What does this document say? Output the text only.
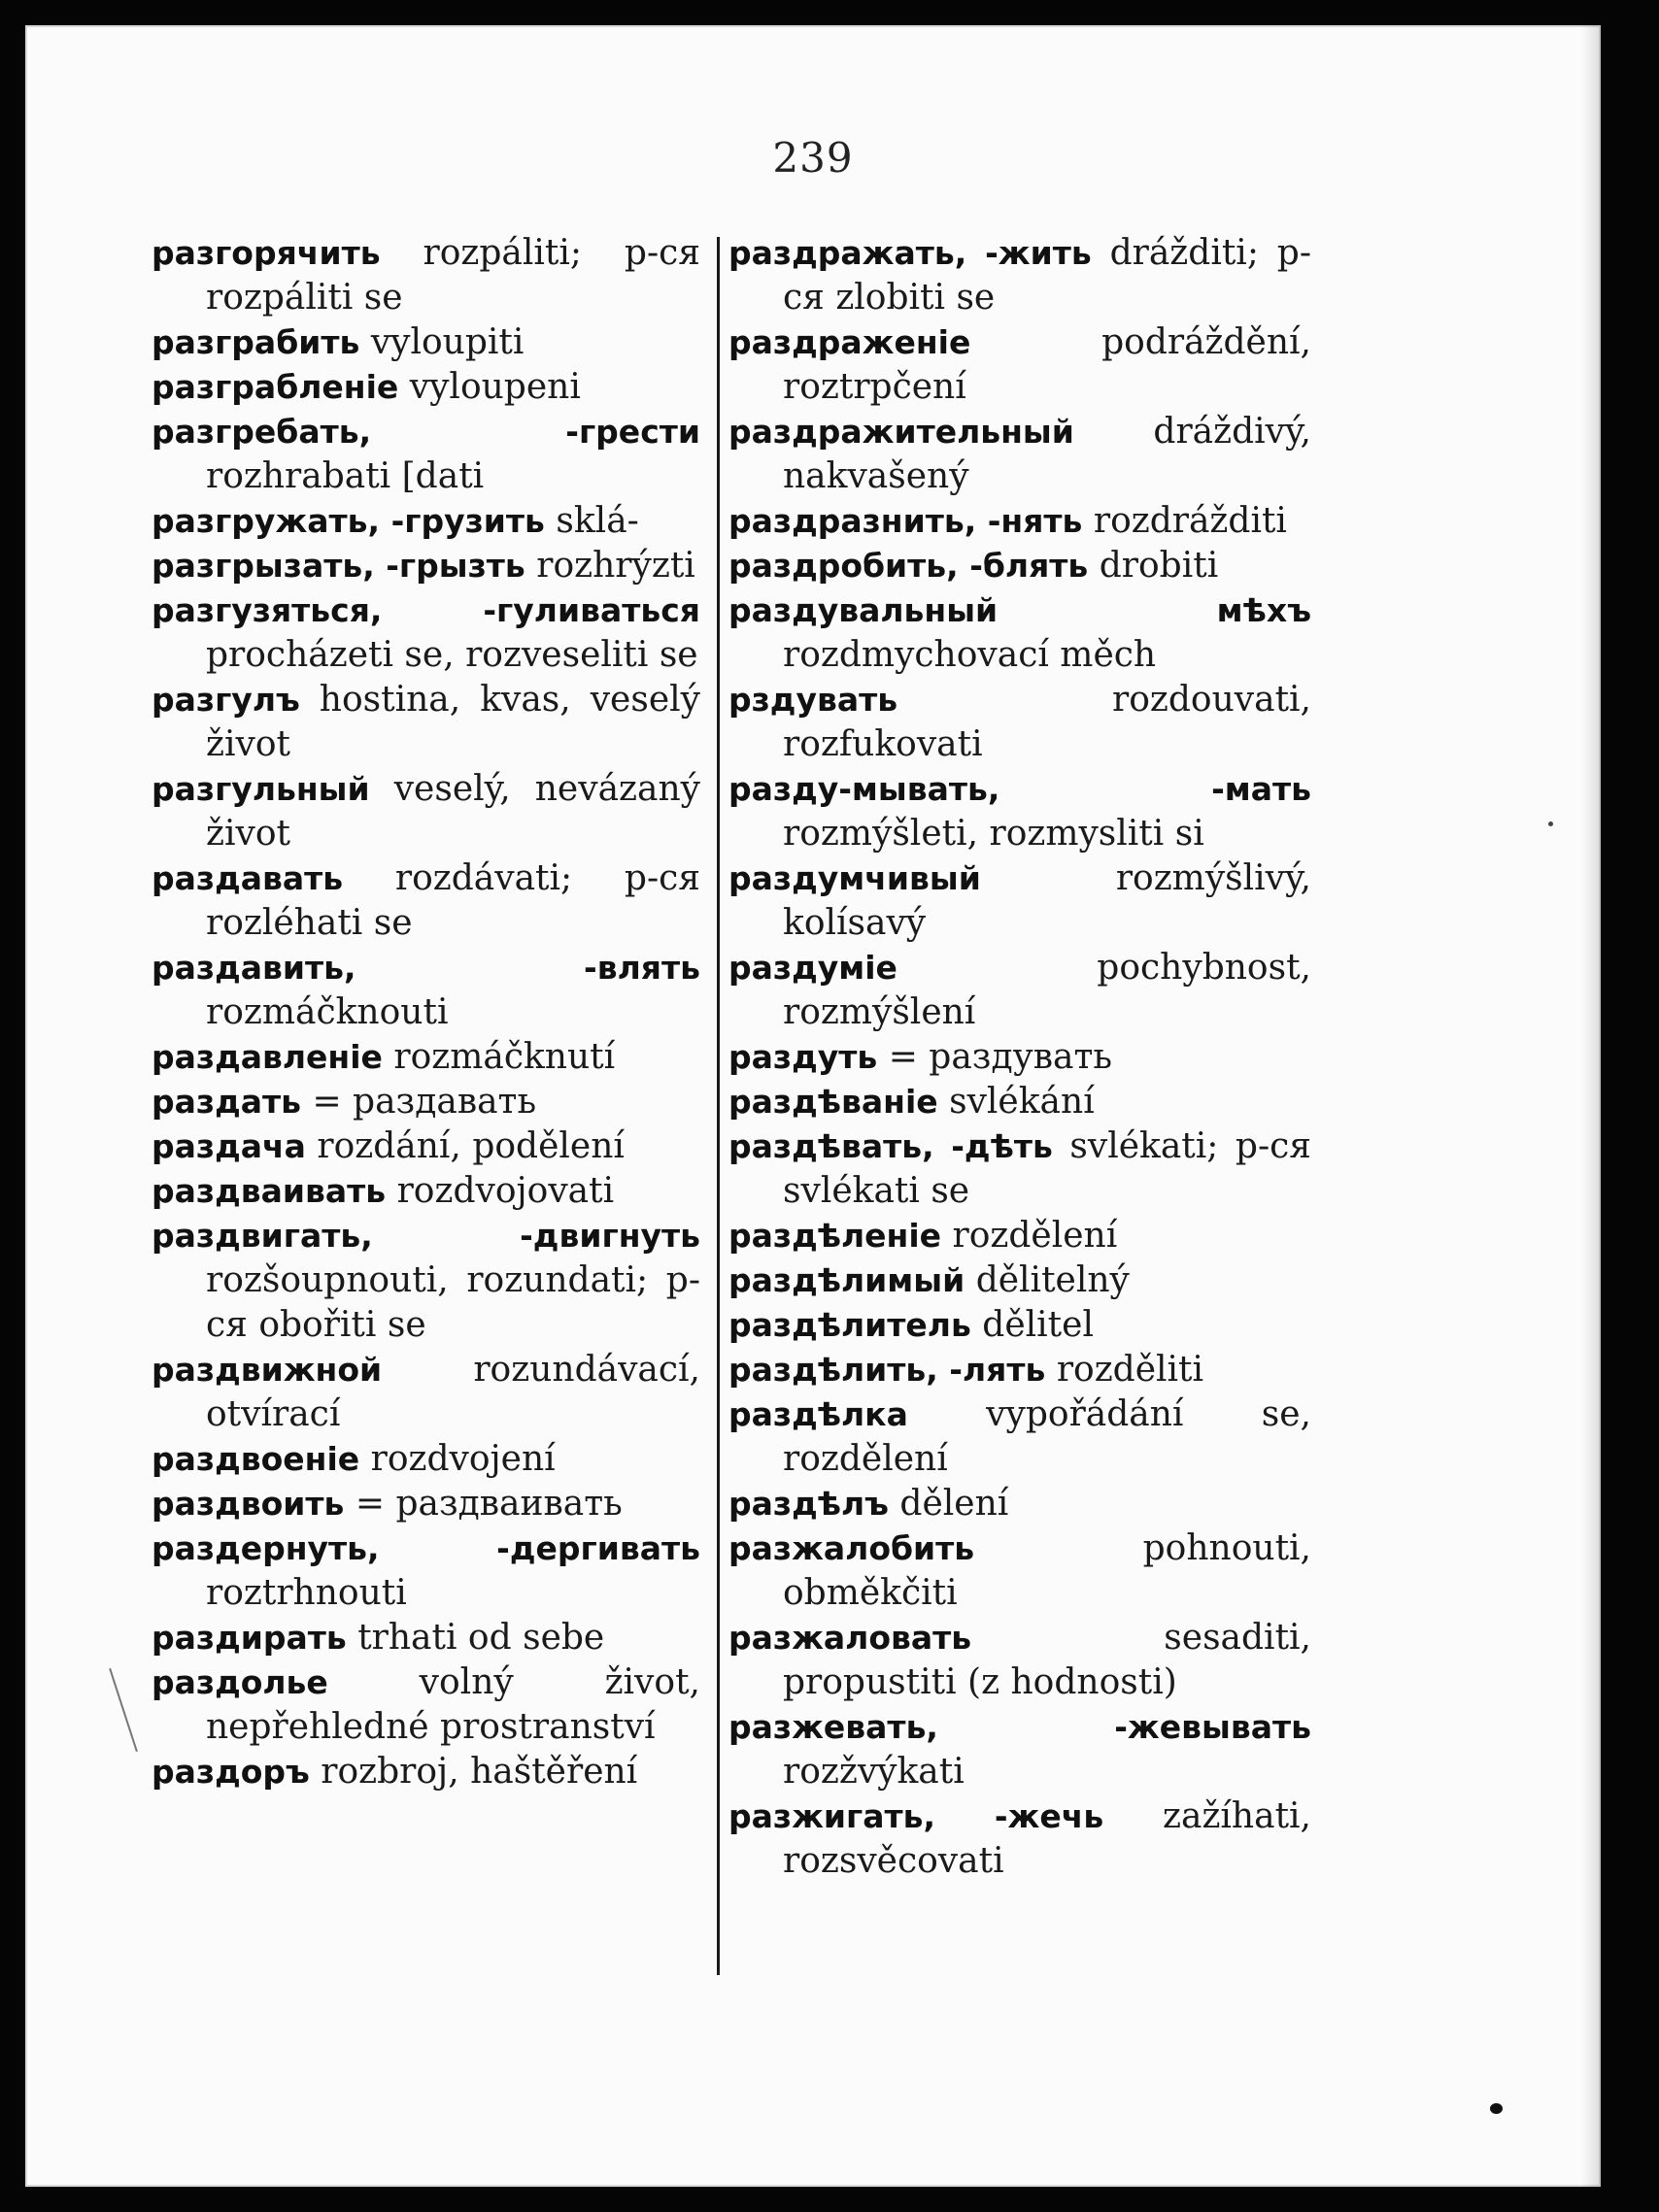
239
разгорячить rozpáliti; р-ся rozpáliti se
разграбить vyloupiti
разграбленіе vyloupeni
разгребать, -грести rozhrabati [dati
разгружать, -грузить sklá-
разгрызать, -грызть rozhrýzti
разгузяться, -гуливаться procházeti se, rozveseliti se
разгулъ hostina, kvas, veselý život
разгульный veselý, nevázaný život
раздавать rozdávati; р-ся rozléhati se
раздавить, -влять rozmáčknouti
раздавленіе rozmáčknutí
раздать = раздавать
раздача rozdání, podělení
раздваивать rozdvojovati
раздвигать, -двигнуть rozšoupnouti, rozundati; р-ся obořiti se
раздвижной	rozundávací, otvírací
раздвоеніе rozdvojení
раздвоить = раздваивать
раздернуть, -дергивать roztrhnouti
раздирать trhati od sebe
раздолье	volný život, nepřehledné prostranství
раздоръ rozbroj, haštěření
раздражать, -жить drážditi; р-ся zlobiti se
раздраженіе	podráždění, roztrpčení
раздражительный dráždivý, nakvašený
раздразнить, -нять rozdrážditi
раздробить, -блять drobiti
раздувальный мѣхъ rozdmychovací měch
рздувать	rozdouvati, rozfukovati
разду-мывать, -мать rozmýšleti, rozmysliti si
раздумчивый	rozmýšlivý, kolísavý
раздуміе	pochybnost, rozmýšlení
раздуть = раздувать
раздѣваніе svlékání
раздѣвать, -дѣть svlékati; р-ся svlékati se
раздѣленіе rozdělení
раздѣлимый dělitelný
раздѣлитель dělitel
раздѣлить, -лять rozděliti
раздѣлка vypořádání se, rozdělení
раздѣлъ dělení
разжалобить	pohnouti, obměkčiti
разжаловать	sesaditi, propustiti (z hodnosti)
разжевать, -жевывать rozžvýkati
разжигать, -жечь zažíhati, rozsvěcovati
